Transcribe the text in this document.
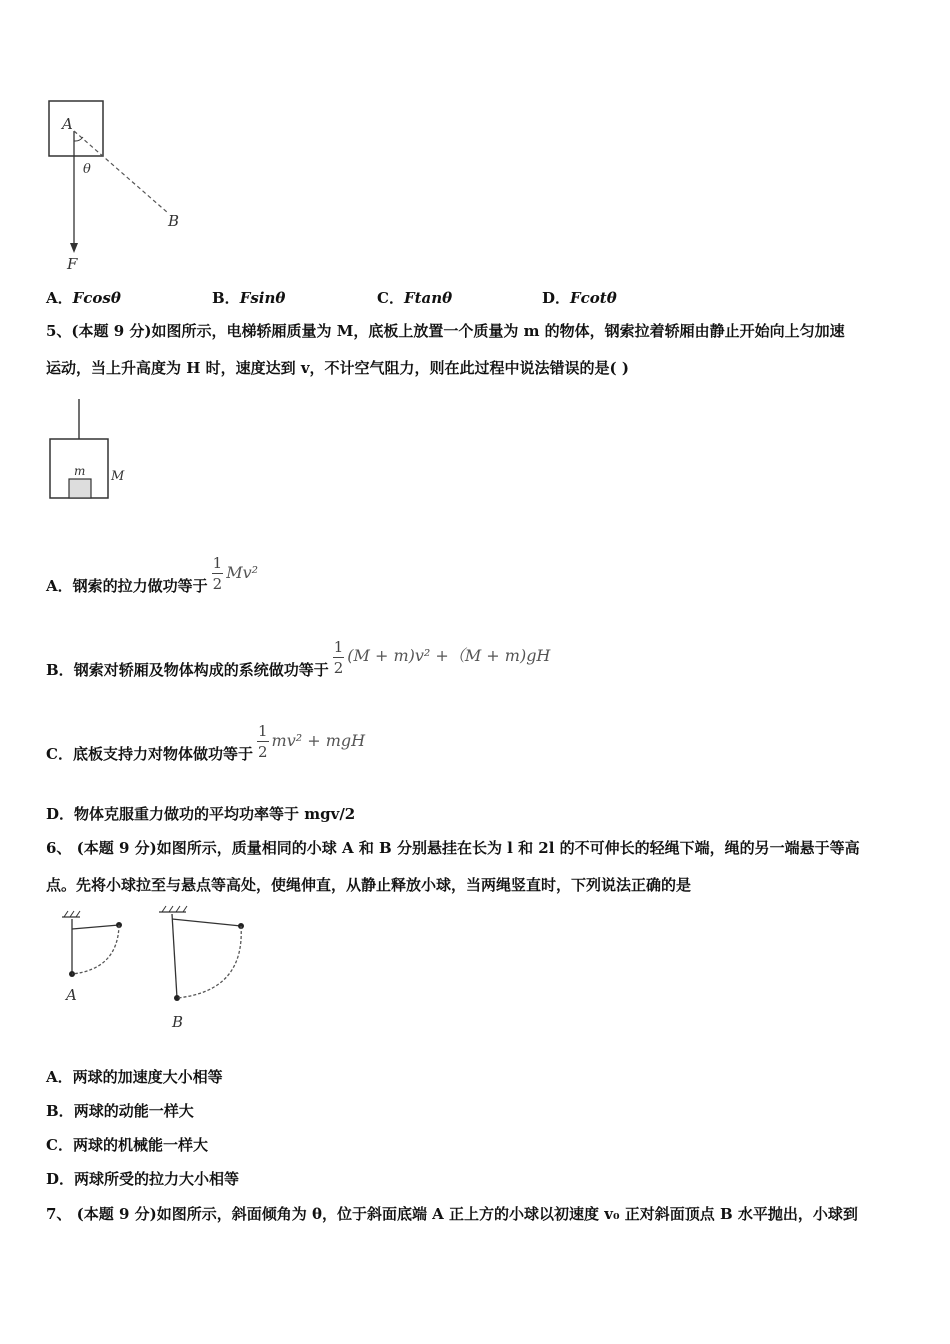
A
θ
B
F
A．Fcosθ	B．Fsinθ	C．Ftanθ	D．Fcotθ
5、(本题 9 分)如图所示，电梯轿厢质量为 M，底板上放置一个质量为 m 的物体，钢索拉着轿厢由静止开始向上匀加速
运动，当上升高度为 H 时，速度达到 v，不计空气阻力，则在此过程中说法错误的是( )
m M
A． 钢索的拉力做功等于 $\frac{1}{2} Mv^2$
B． 钢索对轿厢及物体构成的系统做功等于 $\frac{1}{2} (M + m)v^2 +(M + m)gH$
C． 底板支持力对物体做功等于 $\frac{1}{2} mv^2$ + mgH
D．物体克服重力做功的平均功率等于 mgv/2
6、 (本题 9 分)如图所示，质量相同的小球 A 和 B 分别悬挂在长为 l 和 2l 的不可伸长的轻绳下端，绳的另一端悬于等高
点。先将小球拉至与悬点等高处，使绳伸直，从静止释放小球，当两绳竖直时，下列说法正确的是
A
B
A．两球的加速度大小相等
B．两球的动能一样大
C．两球的机械能一样大
D．两球所受的拉力大小相等
7、 (本题 9 分)如图所示，斜面倾角为 θ，位于斜面底端 A 正上方的小球以初速度 v₀ 正对斜面顶点 B 水平抛出，小球到
